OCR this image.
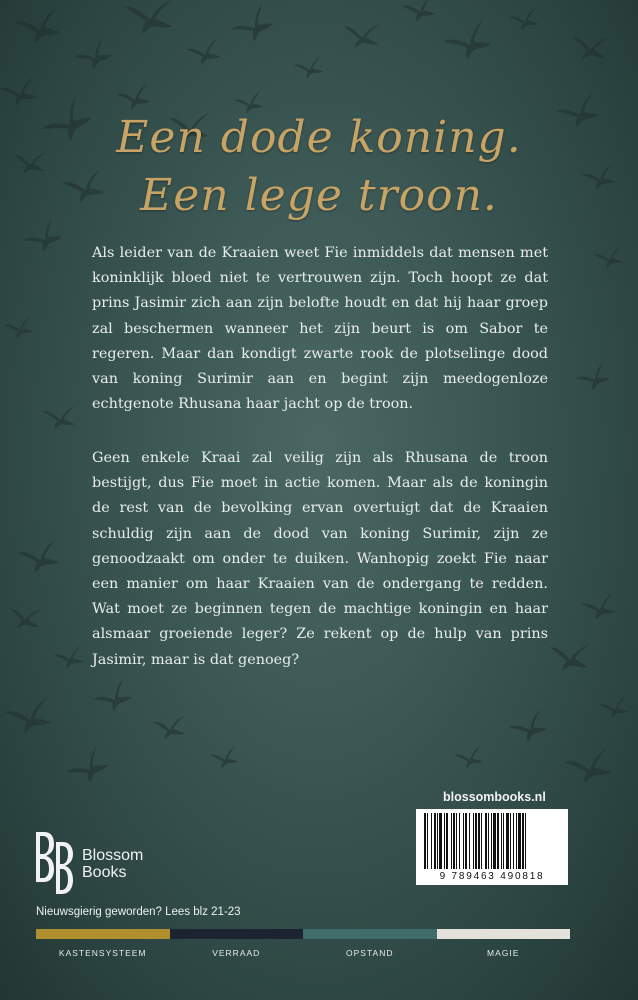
Een dode koning.
Een lege troon.

Als leider van de Kraaien weet Fie inmiddels dat mensen met koninklijk bloed niet te vertrouwen zijn. Toch hoopt ze dat prins Jasimir zich aan zijn belofte houdt en dat hij haar groep zal beschermen wanneer het zijn beurt is om Sabor te regeren. Maar dan kondigt zwarte rook de plotselinge dood van koning Surimir aan en begint zijn meedogenloze echtgenote Rhusana haar jacht op de troon.

Geen enkele Kraai zal veilig zijn als Rhusana de troon bestijgt, dus Fie moet in actie komen. Maar als de koningin de rest van de bevolking ervan overtuigt dat de Kraaien schuldig zijn aan de dood van koning Surimir, zijn ze genoodzaakt om onder te duiken. Wanhopig zoekt Fie naar een manier om haar Kraaien van de ondergang te redden. Wat moet ze beginnen tegen de machtige koningin en haar alsmaar groeiende leger? Ze rekent op de hulp van prins Jasimir, maar is dat genoeg?

blossombooks.nl
9 789463 490818
Blossom
Books
Nieuwsgierig geworden? Lees blz 21-23
KASTENSYSTEEM	VERRAAD	OPSTAND	MAGIE
